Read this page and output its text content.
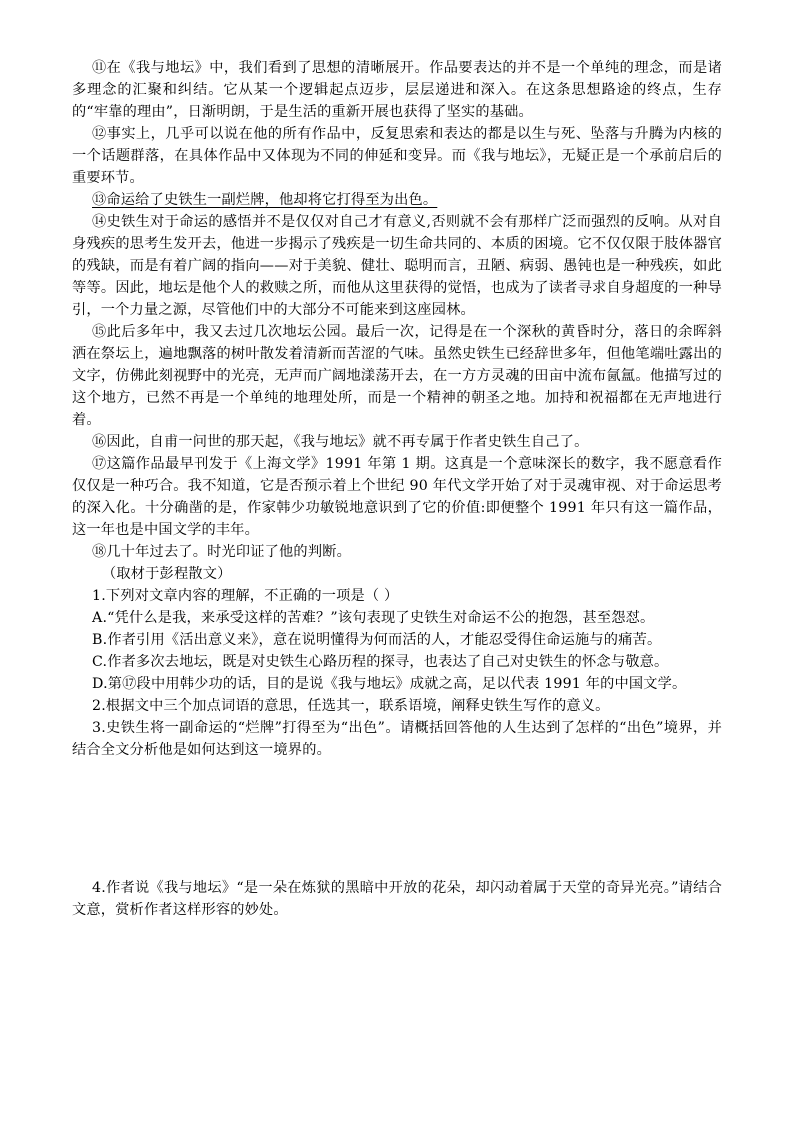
⑪在《我与地坛》中，我们看到了思想的清晰展开。作品要表达的并不是一个单纯的理念，而是诸多理念的汇聚和纠结。它从某一个逻辑起点迈步，层层递进和深入。在这条思想路途的终点，生存的“牢靠的理由”，日渐明朗，于是生活的重新开展也获得了坚实的基础。

⑫事实上，几乎可以说在他的所有作品中，反复思索和表达的都是以生与死、坠落与升腾为内核的一个话题群落，在具体作品中又体现为不同的伸延和变异。而《我与地坛》，无疑正是一个承前启后的重要环节。

⑬命运给了史铁生一副烂牌，他却将它打得至为出色。

⑭史铁生对于命运的感悟并不是仅仅对自己才有意义,否则就不会有那样广泛而强烈的反响。从对自身残疾的思考生发开去，他进一步揭示了残疾是一切生命共同的、本质的困境。它不仅仅限于肢体器官的残缺，而是有着广阔的指向——对于美貌、健壮、聪明而言，丑陋、病弱、愚钝也是一种残疾，如此等等。因此，地坛是他个人的救赎之所，而他从这里获得的觉悟，也成为了读者寻求自身超度的一种导引，一个力量之源，尽管他们中的大部分不可能来到这座园林。

⑮此后多年中，我又去过几次地坛公园。最后一次，记得是在一个深秋的黄昏时分，落日的余晖斜洒在祭坛上，遍地飘落的树叶散发着清新而苦涩的气味。虽然史铁生已经辞世多年，但他笔端吐露出的文字，仿佛此刻视野中的光亮，无声而广阔地漾荡开去，在一方方灵魂的田亩中流布氤氲。他描写过的这个地方，已然不再是一个单纯的地理处所，而是一个精神的朝圣之地。加持和祝福都在无声地进行着。

⑯因此，自甫一问世的那天起，《我与地坛》就不再专属于作者史铁生自己了。

⑰这篇作品最早刊发于《上海文学》1991 年第 1 期。这真是一个意味深长的数字，我不愿意看作仅仅是一种巧合。我不知道，它是否预示着上个世纪 90 年代文学开始了对于灵魂审视、对于命运思考的深入化。十分确凿的是，作家韩少功敏锐地意识到了它的价值:即便整个 1991 年只有这一篇作品，这一年也是中国文学的丰年。

⑱几十年过去了。时光印证了他的判断。

（取材于彭程散文）

1.下列对文章内容的理解，不正确的一项是（ ）

A.“凭什么是我，来承受这样的苦难？”该句表现了史铁生对命运不公的抱怨，甚至怨怼。

B.作者引用《活出意义来》，意在说明懂得为何而活的人，才能忍受得住命运施与的痛苦。

C.作者多次去地坛，既是对史铁生心路历程的探寻，也表达了自己对史铁生的怀念与敬意。

D.第⑰段中用韩少功的话，目的是说《我与地坛》成就之高，足以代表 1991 年的中国文学。

2.根据文中三个加点词语的意思，任选其一，联系语境，阐释史铁生写作的意义。

3.史铁生将一副命运的“烂牌”打得至为“出色”。请概括回答他的人生达到了怎样的“出色”境界，并结合全文分析他是如何达到这一境界的。

4.作者说《我与地坛》“是一朵在炼狱的黑暗中开放的花朵，却闪动着属于天堂的奇异光亮。”请结合文意，赏析作者这样形容的妙处。
